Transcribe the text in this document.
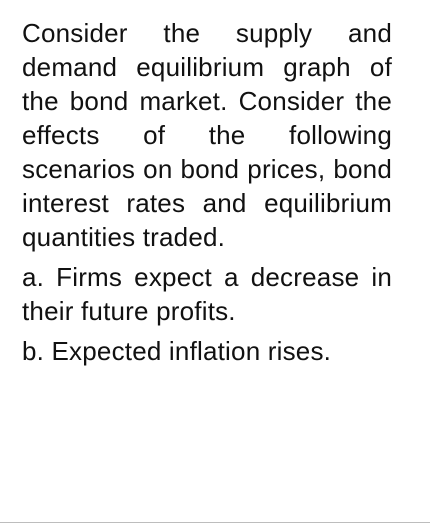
Consider the supply and demand equilibrium graph of the bond market. Consider the effects of the following scenarios on bond prices, bond interest rates and equilibrium quantities traded.
a. Firms expect a decrease in their future profits.
b. Expected inflation rises.
